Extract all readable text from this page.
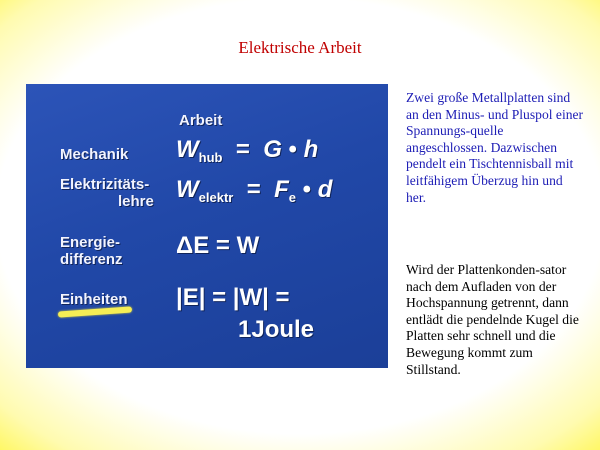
Elektrische Arbeit
Arbeit
Mechanik $W_{hub} = G$ • h
Elektrizitäts-
lehre $W_{elektr} = F_e$ • d
Energie-
differenz
ΔE = W
Einheiten |E| = |W| =
1Joule
Zwei große Metallplatten sind an den Minus- und Pluspol einer Spannungs-quelle angeschlossen. Dazwischen pendelt ein Tischtennisball mit leitfähigem Überzug hin und her.
Wird der Plattenkonden-sator nach dem Aufladen von der Hochspannung getrennt, dann entlädt die pendelnde Kugel die Platten sehr schnell und die Bewegung kommt zum Stillstand.
